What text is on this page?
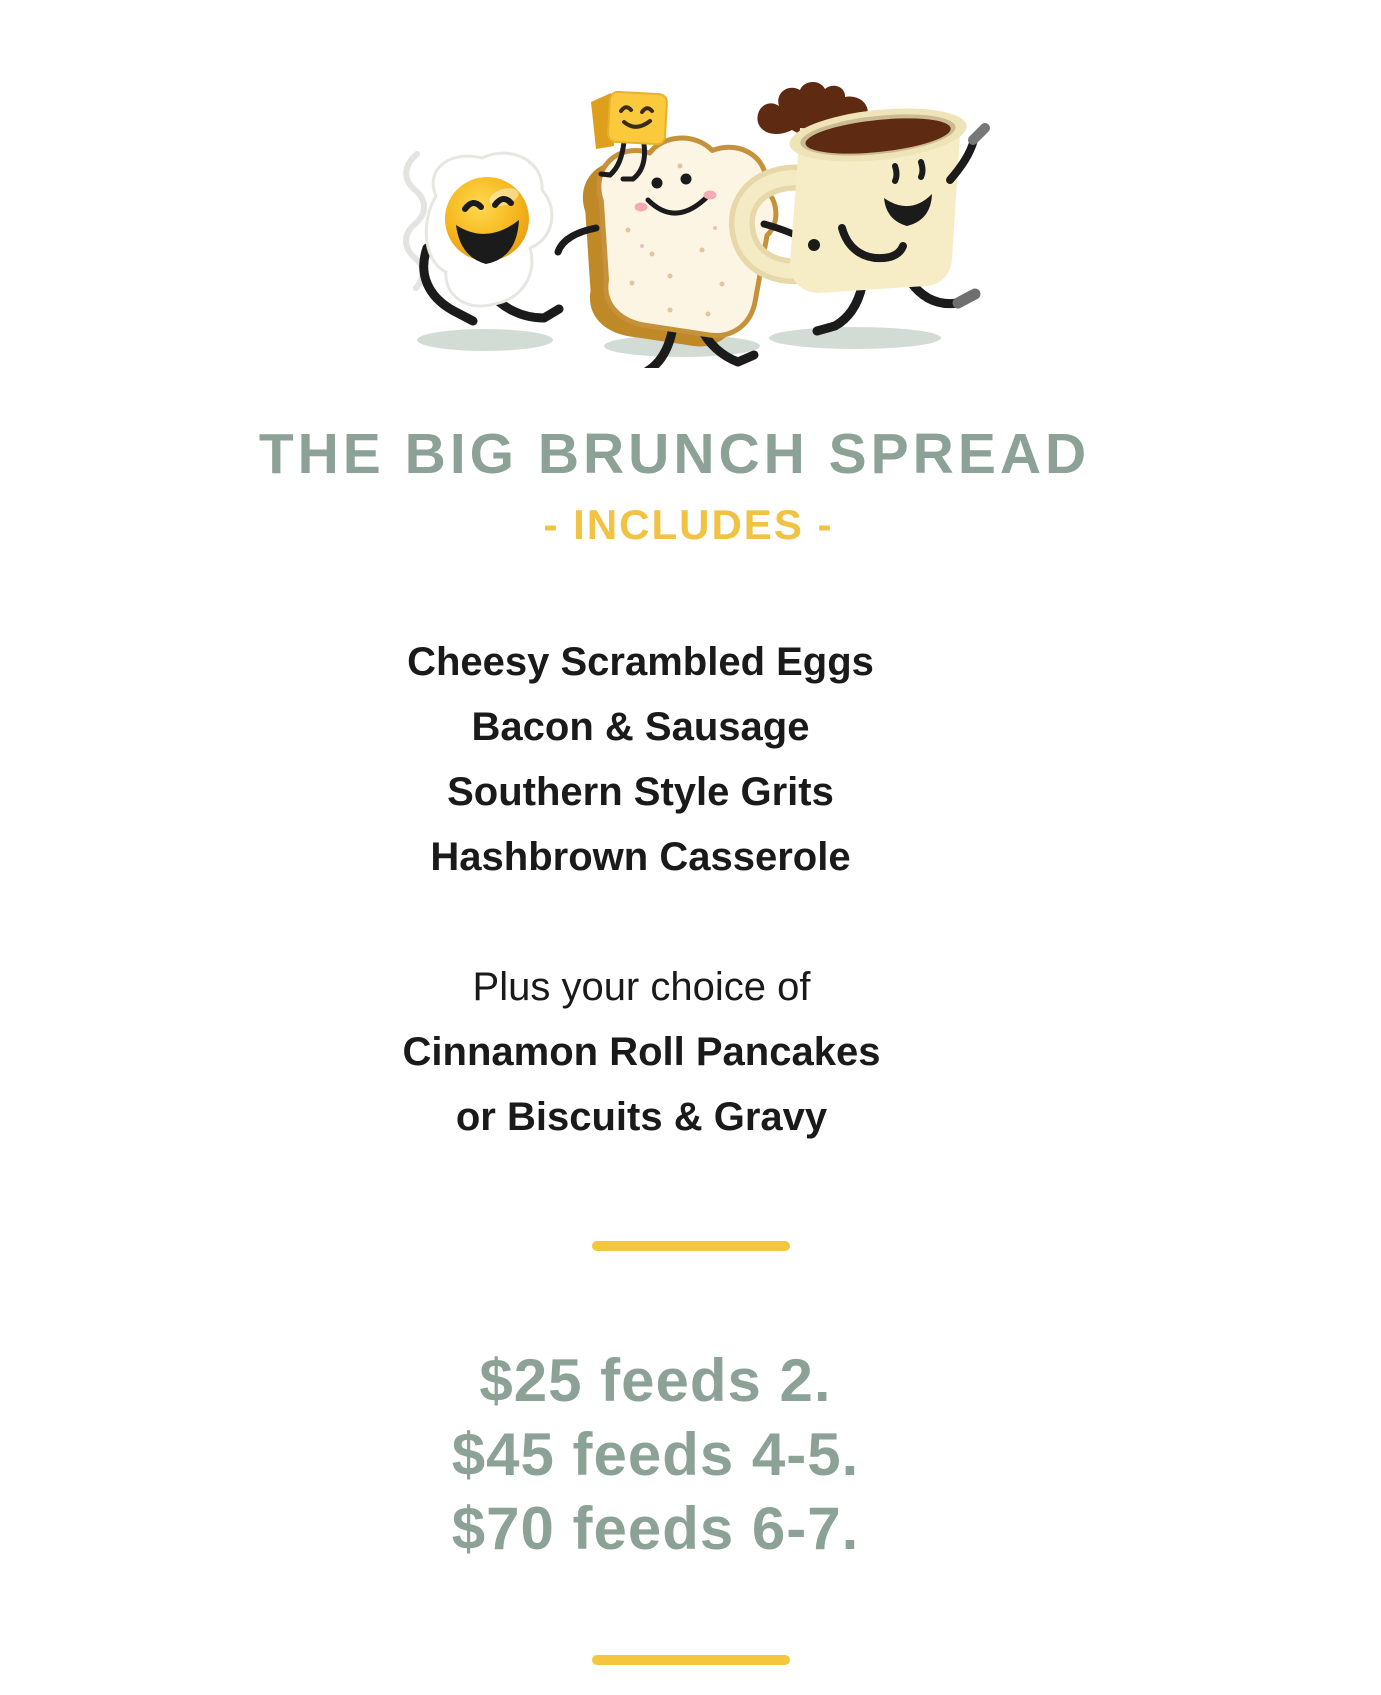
THE BIG BRUNCH SPREAD
- INCLUDES -
Cheesy Scrambled Eggs
Bacon & Sausage
Southern Style Grits
Hashbrown Casserole
Plus your choice of
Cinnamon Roll Pancakes
or Biscuits & Gravy
$25 feeds 2.
$45 feeds 4-5.
$70 feeds 6-7.
